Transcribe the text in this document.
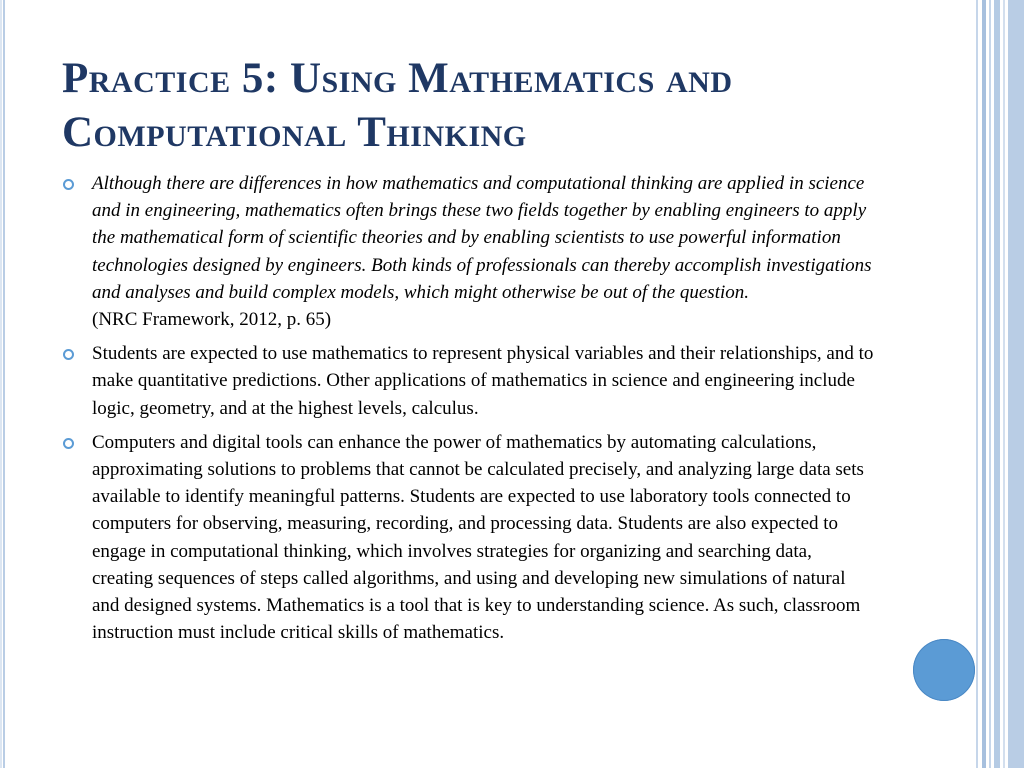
Practice 5: Using Mathematics and
Computational Thinking
Although there are differences in how mathematics and computational thinking are applied in science and in engineering, mathematics often brings these two fields together by enabling engineers to apply the mathematical form of scientific theories and by enabling scientists to use powerful information technologies designed by engineers. Both kinds of professionals can thereby accomplish investigations and analyses and build complex models, which might otherwise be out of the question.
(NRC Framework, 2012, p. 65)
Students are expected to use mathematics to represent physical variables and their relationships, and to make quantitative predictions. Other applications of mathematics in science and engineering include logic, geometry, and at the highest levels, calculus.
Computers and digital tools can enhance the power of mathematics by automating calculations, approximating solutions to problems that cannot be calculated precisely, and analyzing large data sets available to identify meaningful patterns. Students are expected to use laboratory tools connected to computers for observing, measuring, recording, and processing data. Students are also expected to engage in computational thinking, which involves strategies for organizing and searching data, creating sequences of steps called algorithms, and using and developing new simulations of natural and designed systems. Mathematics is a tool that is key to understanding science. As such, classroom instruction must include critical skills of mathematics.
